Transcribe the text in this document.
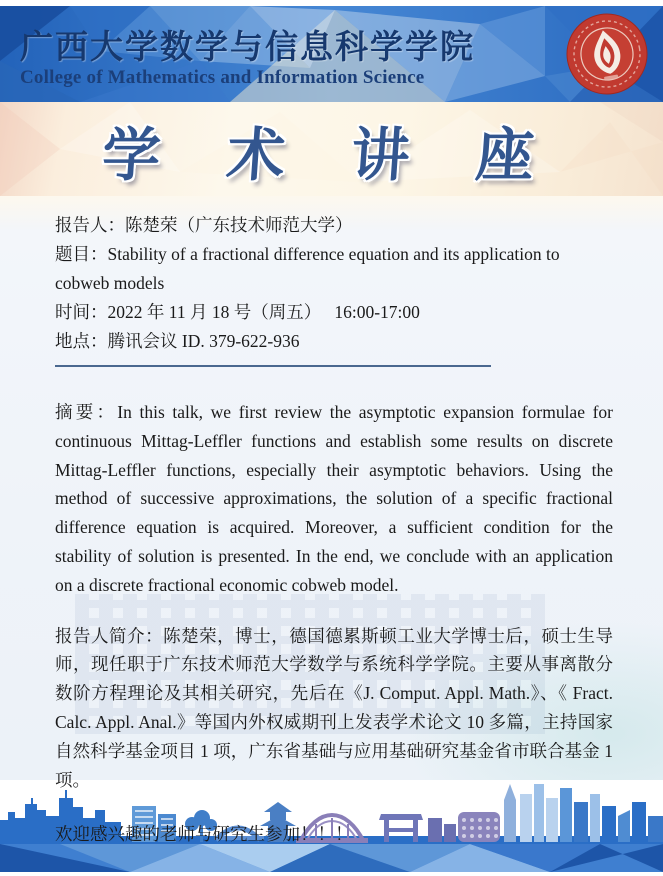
广西大学数学与信息科学学院
College of Mathematics and Information Science
学 术 讲 座
报告人：陈楚荣（广东技术师范大学）
题目：Stability of a fractional difference equation and its application to cobweb models
时间：2022 年 11 月 18 号（周五）　 16:00-17:00
地点：腾讯会议 ID. 379-622-936

摘要：In this talk, we first review the asymptotic expansion formulae for continuous Mittag-Leffler functions and establish some results on discrete Mittag-Leffler functions, especially their asymptotic behaviors. Using the method of successive approximations, the solution of a specific fractional difference equation is acquired. Moreover, a sufficient condition for the stability of solution is presented. In the end, we conclude with an application on a discrete fractional economic cobweb model.

报告人简介：陈楚荣，博士，德国德累斯顿工业大学博士后，硕士生导师，现任职于广东技术师范大学数学与系统科学学院。主要从事离散分数阶方程理论及其相关研究，先后在《J. Comput. Appl. Math.》、《 Fract. Calc. Appl. Anal.》等国内外权威期刊上发表学术论文 10 多篇，主持国家自然科学基金项目 1 项，广东省基础与应用基础研究基金省市联合基金 1 项。

欢迎感兴趣的老师与研究生参加！！！
